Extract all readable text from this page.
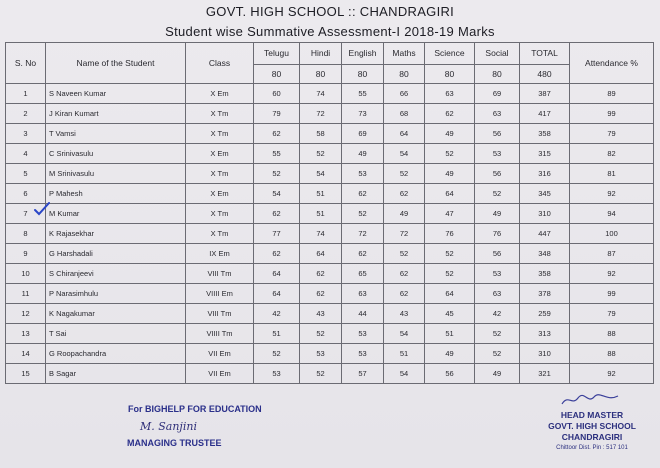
GOVT. HIGH SCHOOL :: CHANDRAGIRI
Student wise Summative Assessment-I 2018-19 Marks
S. No	Name of the Student	Class	Telugu	Hindi	English	Maths	Science	Social	TOTAL	Attendance %
			80	80	80	80	80	80	480	
1	S Naveen Kumar	X Em	60	74	55	66	63	69	387	89
2	J Kiran Kumart	X Tm	79	72	73	68	62	63	417	99
3	T Vamsi	X Tm	62	58	69	64	49	56	358	79
4	C Srinivasulu	X Em	55	52	49	54	52	53	315	82
5	M Srinivasulu	X Tm	52	54	53	52	49	56	316	81
6	P Mahesh	X Em	54	51	62	62	64	52	345	92
7	M Kumar	X Tm	62	51	52	49	47	49	310	94
8	K Rajasekhar	X Tm	77	74	72	72	76	76	447	100
9	G Harshadali	IX Em	62	64	62	52	52	56	348	87
10	S Chiranjeevi	VIII Tm	64	62	65	62	52	53	358	92
11	P Narasimhulu	VIIII Em	64	62	63	62	64	63	378	99
12	K Nagakumar	VIII Tm	42	43	44	43	45	42	259	79
13	T Sai	VIIII Tm	51	52	53	54	51	52	313	88
14	G Roopachandra	VII Em	52	53	53	51	49	52	310	88
15	B Sagar	VII Em	53	52	57	54	56	49	321	92
For BIGHELP FOR EDUCATION
M. Sanjini
MANAGING TRUSTEE
HEAD MASTER
GOVT. HIGH SCHOOL
CHANDRAGIRI
Chittoor Dist. Pin : 517 101
